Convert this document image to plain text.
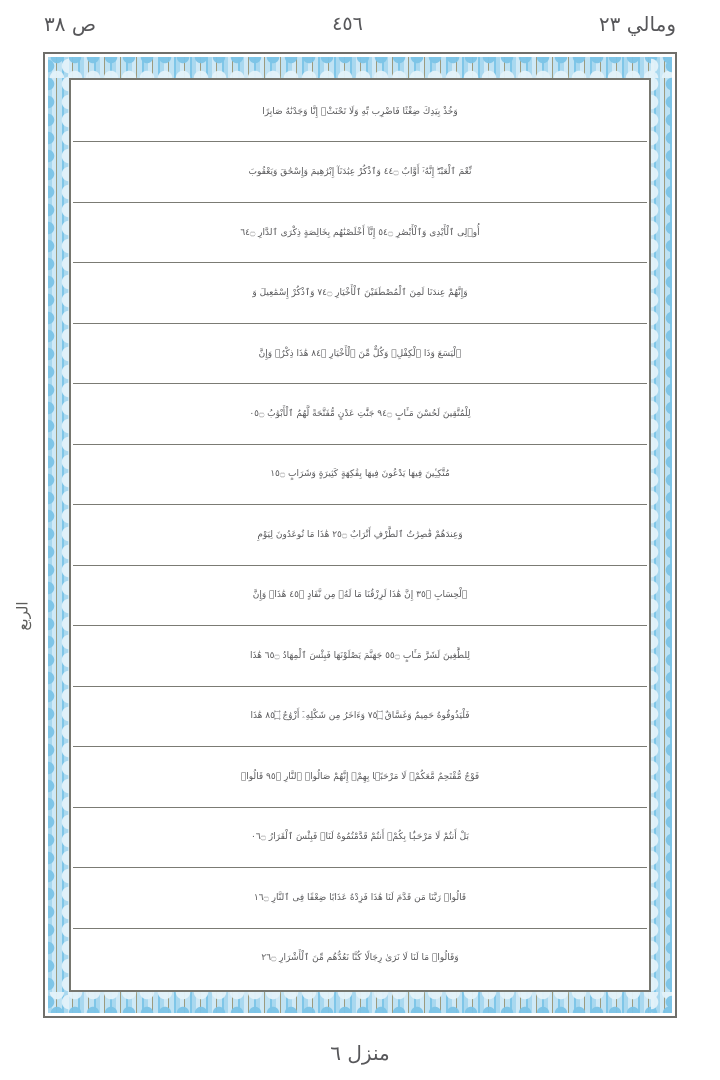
ص ٣٨	٤٥٦	ومالي ٢٣
الربع
وَخُذْ بِيَدِكَ ضِغْثًا فَاضْرِب بِّهِ وَلَا تَحْنَثْۗ إِنَّا وَجَدْنَٰهُ صَابِرًا
نِّعْمَ ٱلْعَبْدُۖ إِنَّهُۥٓ أَوَّابٌ ۝٤٤ وَٱذْكُرْ عِبَٰدَنَآ إِبْرَٰهِيمَ وَإِسْحَٰقَ وَيَعْقُوبَ
أُو۟لِى ٱلْأَيْدِى وَٱلْأَبْصَٰرِ ۝٤٥ إِنَّآ أَخْلَصْنَٰهُم بِخَالِصَةٍ ذِكْرَى ٱلدَّارِ ۝٤٦
وَإِنَّهُمْ عِندَنَا لَمِنَ ٱلْمُصْطَفَيْنَ ٱلْأَخْيَارِ ۝٤٧ وَٱذْكُرْ إِسْمَٰعِيلَ وَ
ٱلْيَسَعَ وَذَا ٱلْكِفْلِۖ وَكُلٌّ مِّنَ ٱلْأَخْيَارِ ۝٤٨ هَٰذَا ذِكْرٌۚ وَإِنَّ
لِلْمُتَّقِينَ لَحُسْنَ مَـَٔابٍ ۝٤٩ جَنَّٰتِ عَدْنٍ مُّفَتَّحَةً لَّهُمُ ٱلْأَبْوَٰبُ ۝٥٠
مُتَّكِـِٔينَ فِيهَا يَدْعُونَ فِيهَا بِفَٰكِهَةٍ كَثِيرَةٍ وَشَرَابٍ ۝٥١
وَعِندَهُمْ قَٰصِرَٰتُ ٱلطَّرْفِ أَتْرَابٌ ۝٥٢ هَٰذَا مَا تُوعَدُونَ لِيَوْمِ
ٱلْحِسَابِ ۝٥٣ إِنَّ هَٰذَا لَرِزْقُنَا مَا لَهُۥ مِن نَّفَادٍ ۝٥٤ هَٰذَاۚ وَإِنَّ
لِلطَّٰغِينَ لَشَرَّ مَـَٔابٍ ۝٥٥ جَهَنَّمَ يَصْلَوْنَهَا فَبِئْسَ ٱلْمِهَادُ ۝٥٦ هَٰذَا
فَلْيَذُوقُوهُ حَمِيمٌ وَغَسَّاقٌ ۝٥٧ وَءَاخَرُ مِن شَكْلِهِۦٓ أَزْوَٰجٌ ۝٥٨ هَٰذَا
فَوْجٌ مُّقْتَحِمٌ مَّعَكُمْۖ لَا مَرْحَبًۢا بِهِمْۚ إِنَّهُمْ صَالُوا۟ ٱلنَّارِ ۝٥٩ قَالُوا۟
بَلْ أَنتُمْ لَا مَرْحَبًۢا بِكُمْۖ أَنتُمْ قَدَّمْتُمُوهُ لَنَاۖ فَبِئْسَ ٱلْقَرَارُ ۝٦٠
قَالُوا۟ رَبَّنَا مَن قَدَّمَ لَنَا هَٰذَا فَزِدْهُ عَذَابًا ضِعْفًا فِى ٱلنَّارِ ۝٦١
وَقَالُوا۟ مَا لَنَا لَا نَرَىٰ رِجَالًا كُنَّا نَعُدُّهُم مِّنَ ٱلْأَشْرَارِ ۝٦٢
منزل ٦
